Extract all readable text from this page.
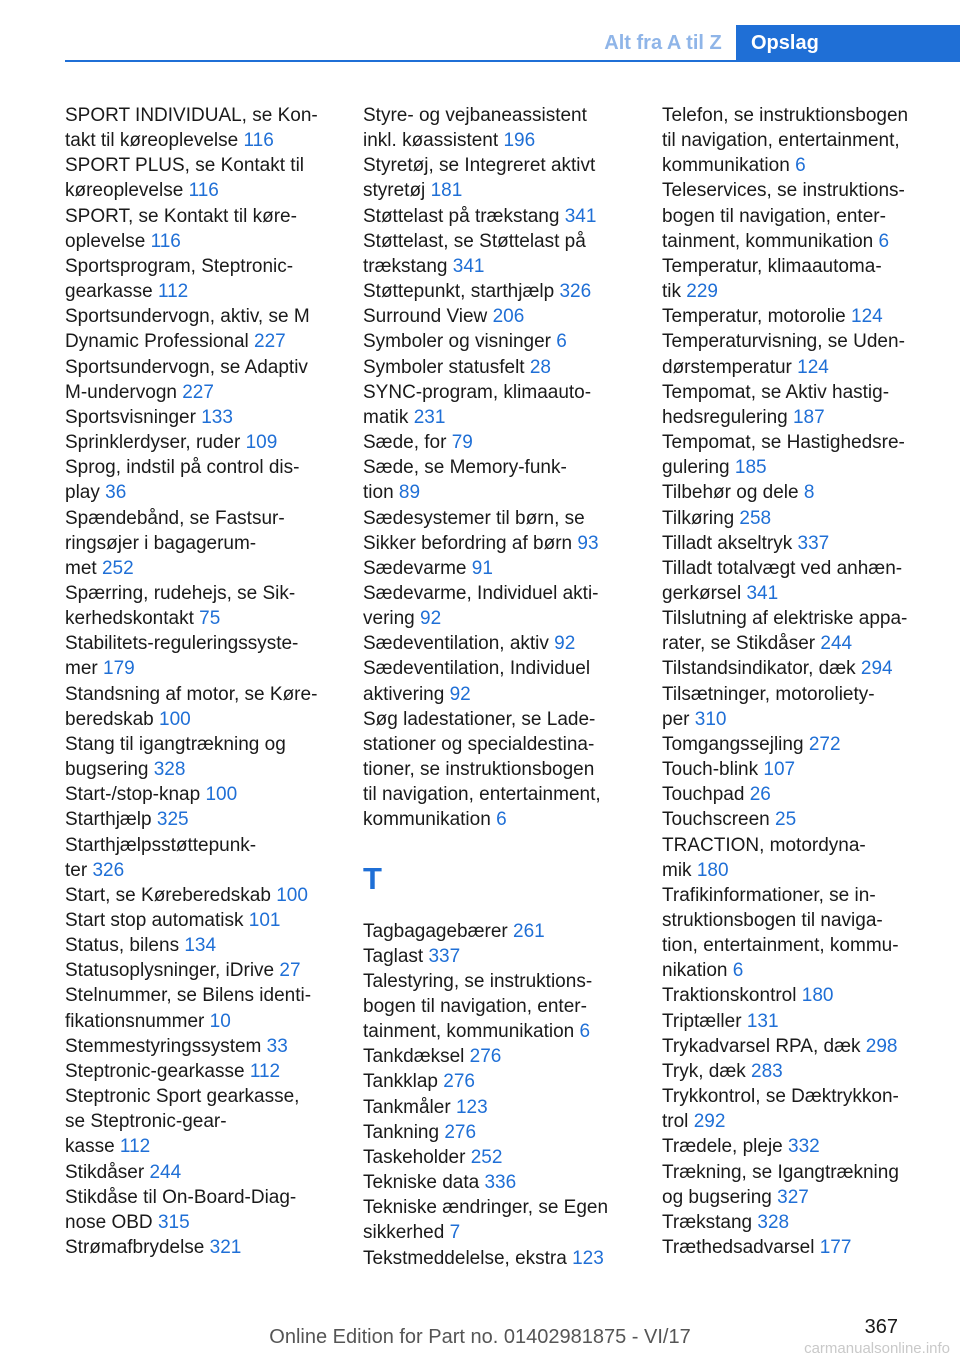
Alt fra A til Z	Opslag
SPORT INDIVIDUAL, se Kon-
takt til køreoplevelse 116
SPORT PLUS, se Kontakt til
køreoplevelse 116
SPORT, se Kontakt til køre-
oplevelse 116
Sportsprogram, Steptronic-
gearkasse 112
Sportsundervogn, aktiv, se M
Dynamic Professional 227
Sportsundervogn, se Adaptiv
M-undervogn 227
Sportsvisninger 133
Sprinklerdyser, ruder 109
Sprog, indstil på control dis-
play 36
Spændebånd, se Fastsur-
ringsøjer i bagagerum-
met 252
Spærring, rudehejs, se Sik-
kerhedskontakt 75
Stabilitets-reguleringssyste-
mer 179
Standsning af motor, se Køre-
beredskab 100
Stang til igangtrækning og
bugsering 328
Start-/stop-knap 100
Starthjælp 325
Starthjælpsstøttepunk-
ter 326
Start, se Køreberedskab 100
Start stop automatisk 101
Status, bilens 134
Statusoplysninger, iDrive 27
Stelnummer, se Bilens identi-
fikationsnummer 10
Stemmestyringssystem 33
Steptronic-gearkasse 112
Steptronic Sport gearkasse,
se Steptronic-gear-
kasse 112
Stikdåser 244
Stikdåse til On-Board-Diag-
nose OBD 315
Strømafbrydelse 321
Styre- og vejbaneassistent
inkl. køassistent 196
Styretøj, se Integreret aktivt
styretøj 181
Støttelast på trækstang 341
Støttelast, se Støttelast på
trækstang 341
Støttepunkt, starthjælp 326
Surround View 206
Symboler og visninger 6
Symboler statusfelt 28
SYNC-program, klimaauto-
matik 231
Sæde, for 79
Sæde, se Memory-funk-
tion 89
Sædesystemer til børn, se
Sikker befordring af børn 93
Sædevarme 91
Sædevarme, Individuel akti-
vering 92
Sædeventilation, aktiv 92
Sædeventilation, Individuel
aktivering 92
Søg ladestationer, se Lade-
stationer og specialdestina-
tioner, se instruktionsbogen
til navigation, entertainment,
kommunikation 6
T
Tagbagagebærer 261
Taglast 337
Talestyring, se instruktions-
bogen til navigation, enter-
tainment, kommunikation 6
Tankdæksel 276
Tankklap 276
Tankmåler 123
Tankning 276
Taskeholder 252
Tekniske data 336
Tekniske ændringer, se Egen
sikkerhed 7
Tekstmeddelelse, ekstra 123
Telefon, se instruktionsbogen
til navigation, entertainment,
kommunikation 6
Teleservices, se instruktions-
bogen til navigation, enter-
tainment, kommunikation 6
Temperatur, klimaautoma-
tik 229
Temperatur, motorolie 124
Temperaturvisning, se Uden-
dørstemperatur 124
Tempomat, se Aktiv hastig-
hedsregulering 187
Tempomat, se Hastighedsre-
gulering 185
Tilbehør og dele 8
Tilkøring 258
Tilladt akseltryk 337
Tilladt totalvægt ved anhæn-
gerkørsel 341
Tilslutning af elektriske appa-
rater, se Stikdåser 244
Tilstandsindikator, dæk 294
Tilsætninger, motorolietу-
per 310
Tomgangssejling 272
Touch-blink 107
Touchpad 26
Touchscreen 25
TRACTION, motordyna-
mik 180
Trafikinformationer, se in-
struktionsbogen til naviga-
tion, entertainment, kommu-
nikation 6
Traktionskontrol 180
Triptæller 131
Trykadvarsel RPA, dæk 298
Tryk, dæk 283
Trykkontrol, se Dæktrykkon-
trol 292
Trædele, pleje 332
Trækning, se Igangtrækning
og bugsering 327
Trækstang 328
Træthedsadvarsel 177
367
Online Edition for Part no. 01402981875 - VI/17
carmanualsonline.info
